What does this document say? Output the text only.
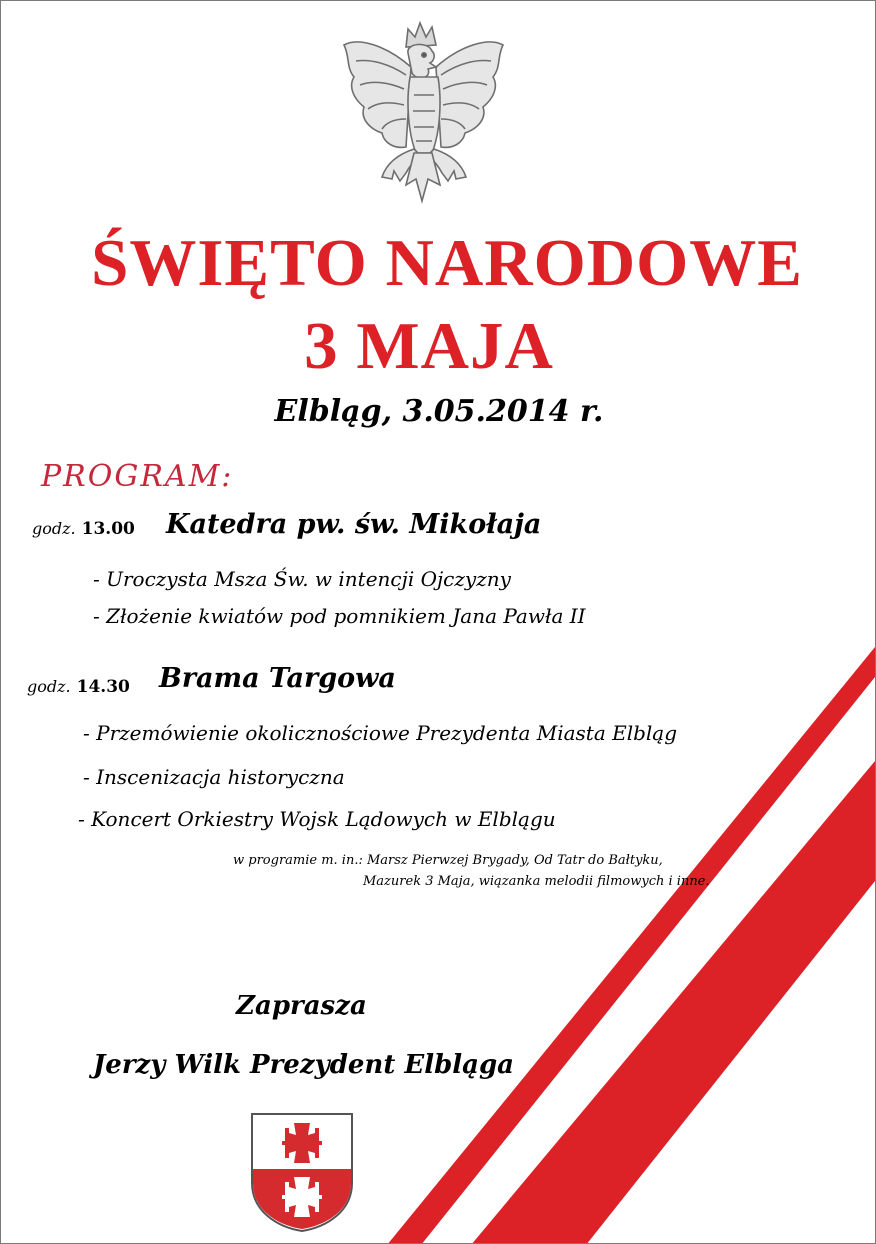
ŚWIĘTO NARODOWE
3 MAJA
Elbląg, 3.05.2014 r.
PROGRAM:
godz. 13.00 Katedra pw. św. Mikołaja
- Uroczysta Msza Św. w intencji Ojczyzny
- Złożenie kwiatów pod pomnikiem Jana Pawła II
godz. 14.30 Brama Targowa
- Przemówienie okolicznościowe Prezydenta Miasta Elbląg
- Inscenizacja historyczna
- Koncert Orkiestry Wojsk Lądowych w Elblągu
w programie m. in.: Marsz Pierwzej Brygady, Od Tatr do Bałtyku,
Mazurek 3 Maja, wiązanka melodii filmowych i inne.
Zaprasza
Jerzy Wilk Prezydent Elbląga
